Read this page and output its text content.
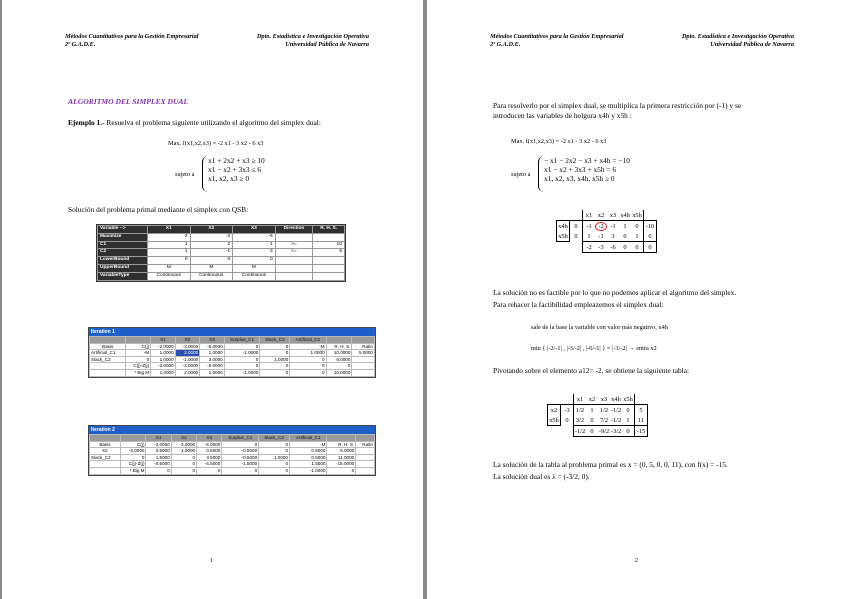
Métodos Cuantitativos para la Gestión Empresarial
2º G.A.D.E.
Dpto. Estadística e Investigación Operativa
Universidad Pública de Navarra
ALGORITMO DEL SIMPLEX DUAL
Ejemplo 1.- Resuelva el problema siguiente utilizando el algoritmo del simplex dual:
Max. f(x1,x2,x3) = -2 x1 - 3 x2 - 6 x3
sujeto a
x1 + 2x2 + x3 ≥ 10
x1 − x2 + 3x3 ≤ 6
x1, x2, x3 ≥ 0
Solución del problema primal mediante el simplex con QSB:
Variable -->	X1	X2	X3	Direction	R. H. S.
Maximize	-2	-3	-6		
C1	1	2	1	>=	10
C2	1	-1	3	<=	6
LowerBound	0	0	0		
UpperBound	M	M	M		
VariableType	Continuous	Continuous	Continuous		
Iteration 1
		X1	X2	X3	Surplus_C1	Slack_C2	Artificial_C1		
Basis	C(j)	-2.0000	-3.0000	-6.0000	0	0	-M	R. H. S.	Ratio
Artificial_C1	-M	1.0000	2.0000	1.0000	-1.0000	0	1.0000	10.0000	5.0000
Slack_C2	0	1.0000	-1.0000	3.0000	0	1.0000	0	6.0000	
	C(j)-Z(j)	-2.0000	-3.0000	-6.0000	0	0	0	0	
	* Big M	1.0000	2.0000	1.0000	-1.0000	0	0	10.0000	
Iteration 2
		X1	X2	X3	Surplus_C1	Slack_C2	Artificial_C1		
Basis	C(j)	-2.0000	-3.0000	-6.0000	0	0	-M	R. H. S.	Ratio
X2	-3.0000	0.5000	1.0000	0.5000	-0.5000	0	0.5000	5.0000	
Slack_C2	0	1.5000	0	3.5000	-0.5000	1.0000	0.5000	11.0000	
	C(j)-Z(j)	-0.5000	0	-4.5000	-1.5000	0	1.5000	-15.0000	
	* Big M	0	0	0	0	0	-1.0000	0	
1
Métodos Cuantitativos para la Gestión Empresarial
2º G.A.D.E.
Dpto. Estadística e Investigación Operativa
Universidad Pública de Navarra
Para resolverlo por el simplex dual, se multiplica la primera restricción por (-1) y se
introducen las variables de holgura x4h y x5h :
Max. f(x1,x2,x3) = -2 x1 - 3 x2 - 6 x3
sujeto a
− x1 − 2x2 − x3 + x4h = −10
x1 − x2 + 3x3 + x5h = 6
x1, x2, x3, x4h, x5h ≥ 0
		x1	x2	x3	x4h	x5h	
x4h	0	-1	-2	-1	1	0	-10
x5h	0	1	-1	3	0	1	6
		-2	-3	-6	0	0	0
La solución no es factible por lo que no podemos aplicar el algoritmo del simplex.
Para rehacer la factibilidad empleazemos el simplex dual:
sale de la base la variable con valor más negativo, x4h
min { |-2/-1| , |-3/-2| , |-6/-1| } = |-3/-2| → entra x2
Pivotando sobre el elemento a12= -2, se obtiene la siguiente tabla:
		x1	x2	x3	x4h	x5h	
x2	-3	1/2	1	1/2	-1/2	0	5
x5h	0	3/2	0	7/2	-1/2	1	11
		-1/2	0	-9/2	-3/2	0	-15
La solución de la tabla al problema primal es x = (0, 5, 0, 0, 11), con f(x) = -15.
La solución dual es λ = (-3/2, 0).
2
